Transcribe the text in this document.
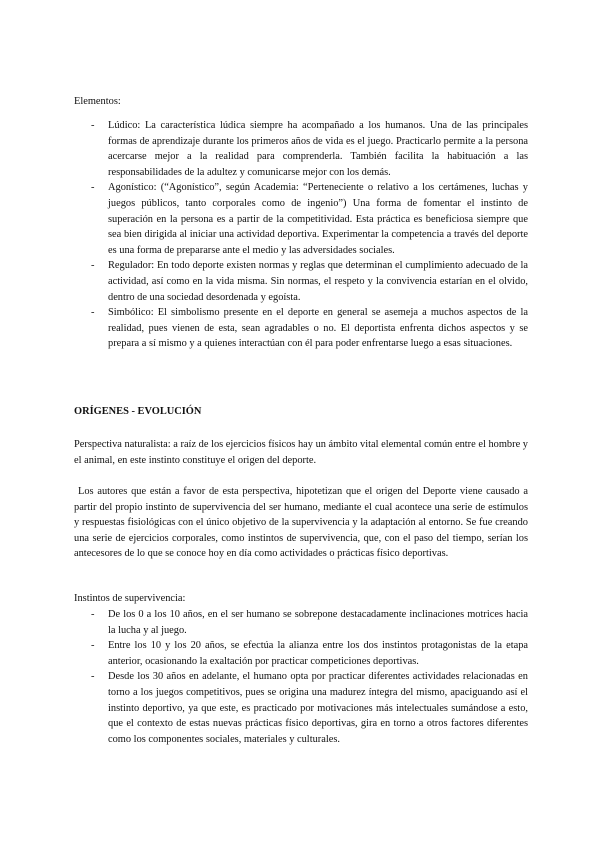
Elementos:

- Lúdico: La característica lúdica siempre ha acompañado a los humanos. Una de las principales formas de aprendizaje durante los primeros años de vida es el juego. Practicarlo permite a la persona acercarse mejor a la realidad para comprenderla. También facilita la habituación a las responsabilidades de la adultez y comunicarse mejor con los demás.
- Agonístico: (“Agonístico”, según Academia: “Perteneciente o relativo a los certámenes, luchas y juegos públicos, tanto corporales como de ingenio”) Una forma de fomentar el instinto de superación en la persona es a partir de la competitividad. Esta práctica es beneficiosa siempre que sea bien dirigida al iniciar una actividad deportiva. Experimentar la competencia a través del deporte es una forma de prepararse ante el medio y las adversidades sociales.
- Regulador: En todo deporte existen normas y reglas que determinan el cumplimiento adecuado de la actividad, así como en la vida misma. Sin normas, el respeto y la convivencia estarían en el olvido, dentro de una sociedad desordenada y egoísta.
- Simbólico: El simbolismo presente en el deporte en general se asemeja a muchos aspectos de la realidad, pues vienen de esta, sean agradables o no. El deportista enfrenta dichos aspectos y se prepara a sí mismo y a quienes interactúan con él para poder enfrentarse luego a esas situaciones.

ORÍGENES - EVOLUCIÓN

Perspectiva naturalista: a raíz de los ejercicios físicos hay un ámbito vital elemental común entre el hombre y el animal, en este instinto constituye el origen del deporte.

Los autores que están a favor de esta perspectiva, hipotetizan que el origen del Deporte viene causado a partir del propio instinto de supervivencia del ser humano, mediante el cual acontece una serie de estímulos y respuestas fisiológicas con el único objetivo de la supervivencia y la adaptación al entorno. Se fue creando una serie de ejercicios corporales, como instintos de supervivencia, que, con el paso del tiempo, serían los antecesores de lo que se conoce hoy en día como actividades o prácticas físico deportivas.

Instintos de supervivencia:

- De los 0 a los 10 años, en el ser humano se sobrepone destacadamente inclinaciones motrices hacia la lucha y al juego.
- Entre los 10 y los 20 años, se efectúa la alianza entre los dos instintos protagonistas de la etapa anterior, ocasionando la exaltación por practicar competiciones deportivas.
- Desde los 30 años en adelante, el humano opta por practicar diferentes actividades relacionadas en torno a los juegos competitivos, pues se origina una madurez íntegra del mismo, apaciguando así el instinto deportivo, ya que este, es practicado por motivaciones más intelectuales sumándose a esto, que el contexto de estas nuevas prácticas físico deportivas, gira en torno a otros factores diferentes como los componentes sociales, materiales y culturales.
